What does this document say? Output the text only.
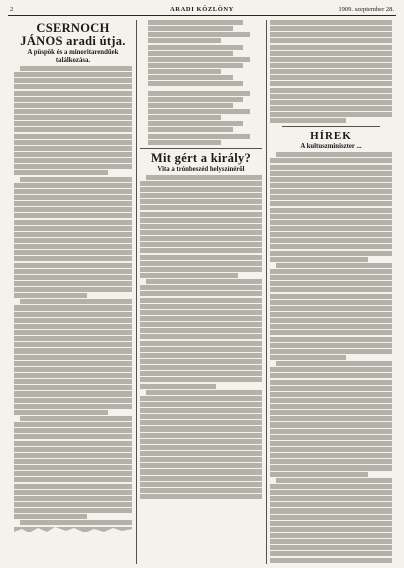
2	ARADI KÖZLÖNY	1909. szeptember 28.
CSERNOCH JÁNOS aradi útja.
A püspök és a minoritarendűek találkozása.
Mit gért a király?
Vita a trónbeszéd helyszínéről
HÍREK
A kultuszminiszter ...
